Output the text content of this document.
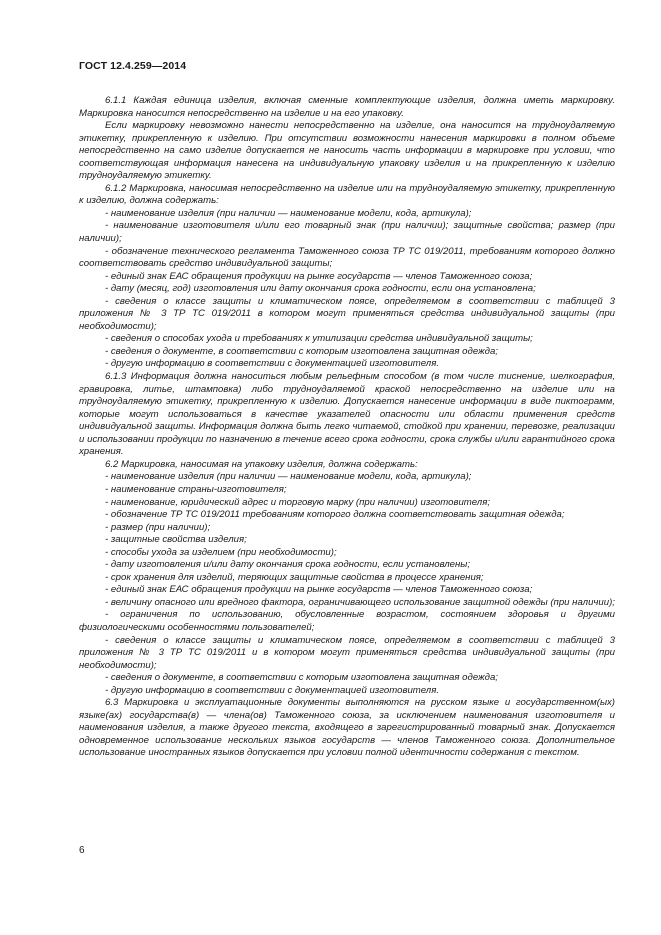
ГОСТ 12.4.259—2014

6.1.1 Каждая единица изделия, включая сменные комплектующие изделия, должна иметь маркировку. Маркировка наносится непосредственно на изделие и на его упаковку.

Если маркировку невозможно нанести непосредственно на изделие, она наносится на трудноудаляемую этикетку, прикрепленную к изделию. При отсутствии возможности нанесения маркировки в полном объеме непосредственно на само изделие допускается не наносить часть информации в маркировке при условии, что соответствующая информация нанесена на индивидуальную упаковку изделия и на прикрепленную к изделию трудноудаляемую этикетку.

6.1.2 Маркировка, наносимая непосредственно на изделие или на трудноудаляемую этикетку, прикрепленную к изделию, должна содержать:

- наименование изделия (при наличии — наименование модели, кода, артикула);

- наименование изготовителя и/или его товарный знак (при наличии); защитные свойства; размер (при наличии);

- обозначение технического регламента Таможенного союза ТР ТС 019/2011, требованиям которого должно соответствовать средство индивидуальной защиты;

- единый знак ЕАС обращения продукции на рынке государств — членов Таможенного союза;

- дату (месяц, год) изготовления или дату окончания срока годности, если она установлена;

- сведения о классе защиты и климатическом поясе, определяемом в соответствии с таблицей 3 приложения № 3 ТР ТС 019/2011 в котором могут применяться средства индивидуальной защиты (при необходимости);

- сведения о способах ухода и требованиях к утилизации средства индивидуальной защиты;

- сведения о документе, в соответствии с которым изготовлена защитная одежда;

- другую информацию в соответствии с документацией изготовителя.

6.1.3 Информация должна наноситься любым рельефным способом (в том числе тиснение, шелкография, гравировка, литье, штамповка) либо трудноудаляемой краской непосредственно на изделие или на трудноудаляемую этикетку, прикрепленную к изделию. Допускается нанесение информации в виде пиктограмм, которые могут использоваться в качестве указателей опасности или области применения средств индивидуальной защиты. Информация должна быть легко читаемой, стойкой при хранении, перевозке, реализации и использовании продукции по назначению в течение всего срока годности, срока службы и/или гарантийного срока хранения.

6.2 Маркировка, наносимая на упаковку изделия, должна содержать:

- наименование изделия (при наличии — наименование модели, кода, артикула);

- наименование страны-изготовителя;

- наименование, юридический адрес и торговую марку (при наличии) изготовителя;

- обозначение ТР ТС 019/2011 требованиям которого должна соответствовать защитная одежда;

- размер (при наличии);

- защитные свойства изделия;

- способы ухода за изделием (при необходимости);

- дату изготовления и/или дату окончания срока годности, если установлены;

- срок хранения для изделий, теряющих защитные свойства в процессе хранения;

- единый знак ЕАС обращения продукции на рынке государств — членов Таможенного союза;

- величину опасного или вредного фактора, ограничивающего использование защитной одежды (при наличии);

- ограничения по использованию, обусловленные возрастом, состоянием здоровья и другими физиологическими особенностями пользователей;

- сведения о классе защиты и климатическом поясе, определяемом в соответствии с таблицей 3 приложения № 3 ТР ТС 019/2011 и в котором могут применяться средства индивидуальной защиты (при необходимости);

- сведения о документе, в соответствии с которым изготовлена защитная одежда;

- другую информацию в соответствии с документацией изготовителя.

6.3 Маркировка и эксплуатационные документы выполняются на русском языке и государственном(ых) языке(ах) государства(в) — члена(ов) Таможенного союза, за исключением наименования изготовителя и наименования изделия, а также другого текста, входящего в зарегистрированный товарный знак. Допускается одновременное использование нескольких языков государств — членов Таможенного союза. Дополнительное использование иностранных языков допускается при условии полной идентичности содержания с текстом.

6
